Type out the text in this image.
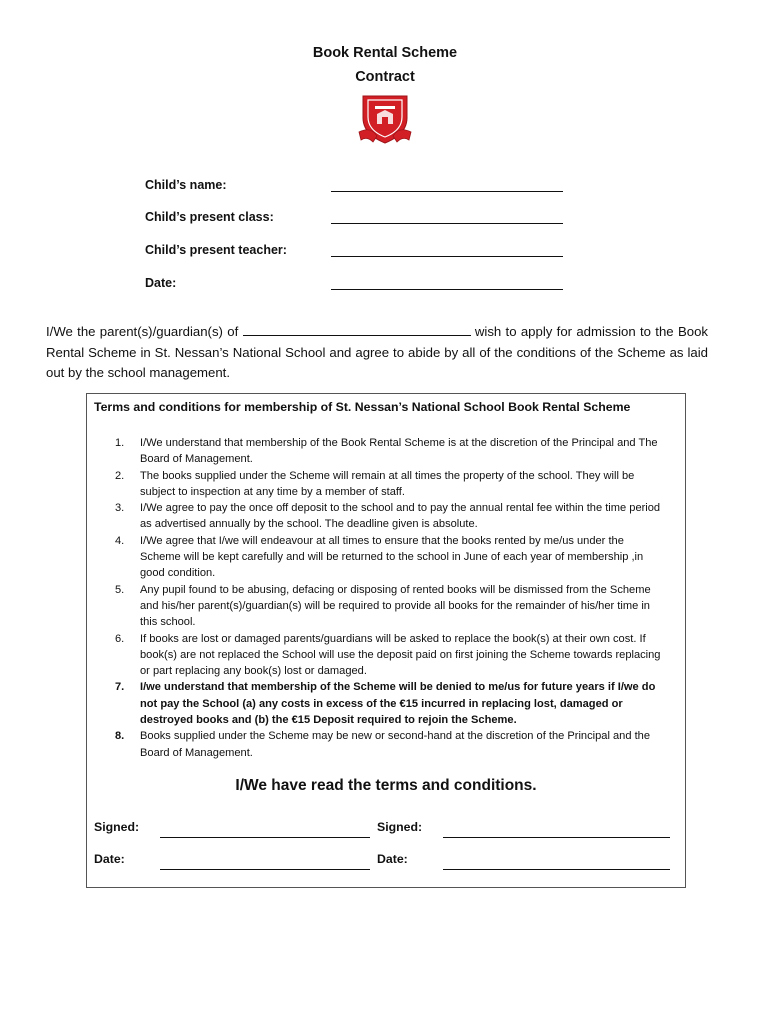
Book Rental Scheme
Contract
Child’s name:
Child’s present class:
Child’s present teacher:
Date:
I/We the parent(s)/guardian(s) of	wish to apply for admission to the Book Rental Scheme in St. Nessan’s National School and agree to abide by all of the conditions of the Scheme as laid out by the school management.
Terms and conditions for membership of St. Nessan’s National School Book Rental Scheme
1. I/We understand that membership of the Book Rental Scheme is at the discretion of the Principal and The Board of Management.
2. The books supplied under the Scheme will remain at all times the property of the school. They will be subject to inspection at any time by a member of staff.
3. I/We agree to pay the once off deposit to the school and to pay the annual rental fee within the time period as advertised annually by the school. The deadline given is absolute.
4. I/We agree that I/we will endeavour at all times to ensure that the books rented by me/us under the Scheme will be kept carefully and will be returned to the school in June of each year of membership ,in good condition.
5. Any pupil found to be abusing, defacing or disposing of rented books will be dismissed from the Scheme and his/her parent(s)/guardian(s) will be required to provide all books for the remainder of his/her time in this school.
6. If books are lost or damaged parents/guardians will be asked to replace the book(s) at their own cost. If book(s) are not replaced the School will use the deposit paid on first joining the Scheme towards replacing or part replacing any book(s) lost or damaged.
7. I/we understand that membership of the Scheme will be denied to me/us for future years if I/we do not pay the School (a) any costs in excess of the €15 incurred in replacing lost, damaged or destroyed books and (b) the €15 Deposit required to rejoin the Scheme.
8. Books supplied under the Scheme may be new or second-hand at the discretion of the Principal and the Board of Management.
I/We have read the terms and conditions.
Signed:	Signed:
Date:	Date:
